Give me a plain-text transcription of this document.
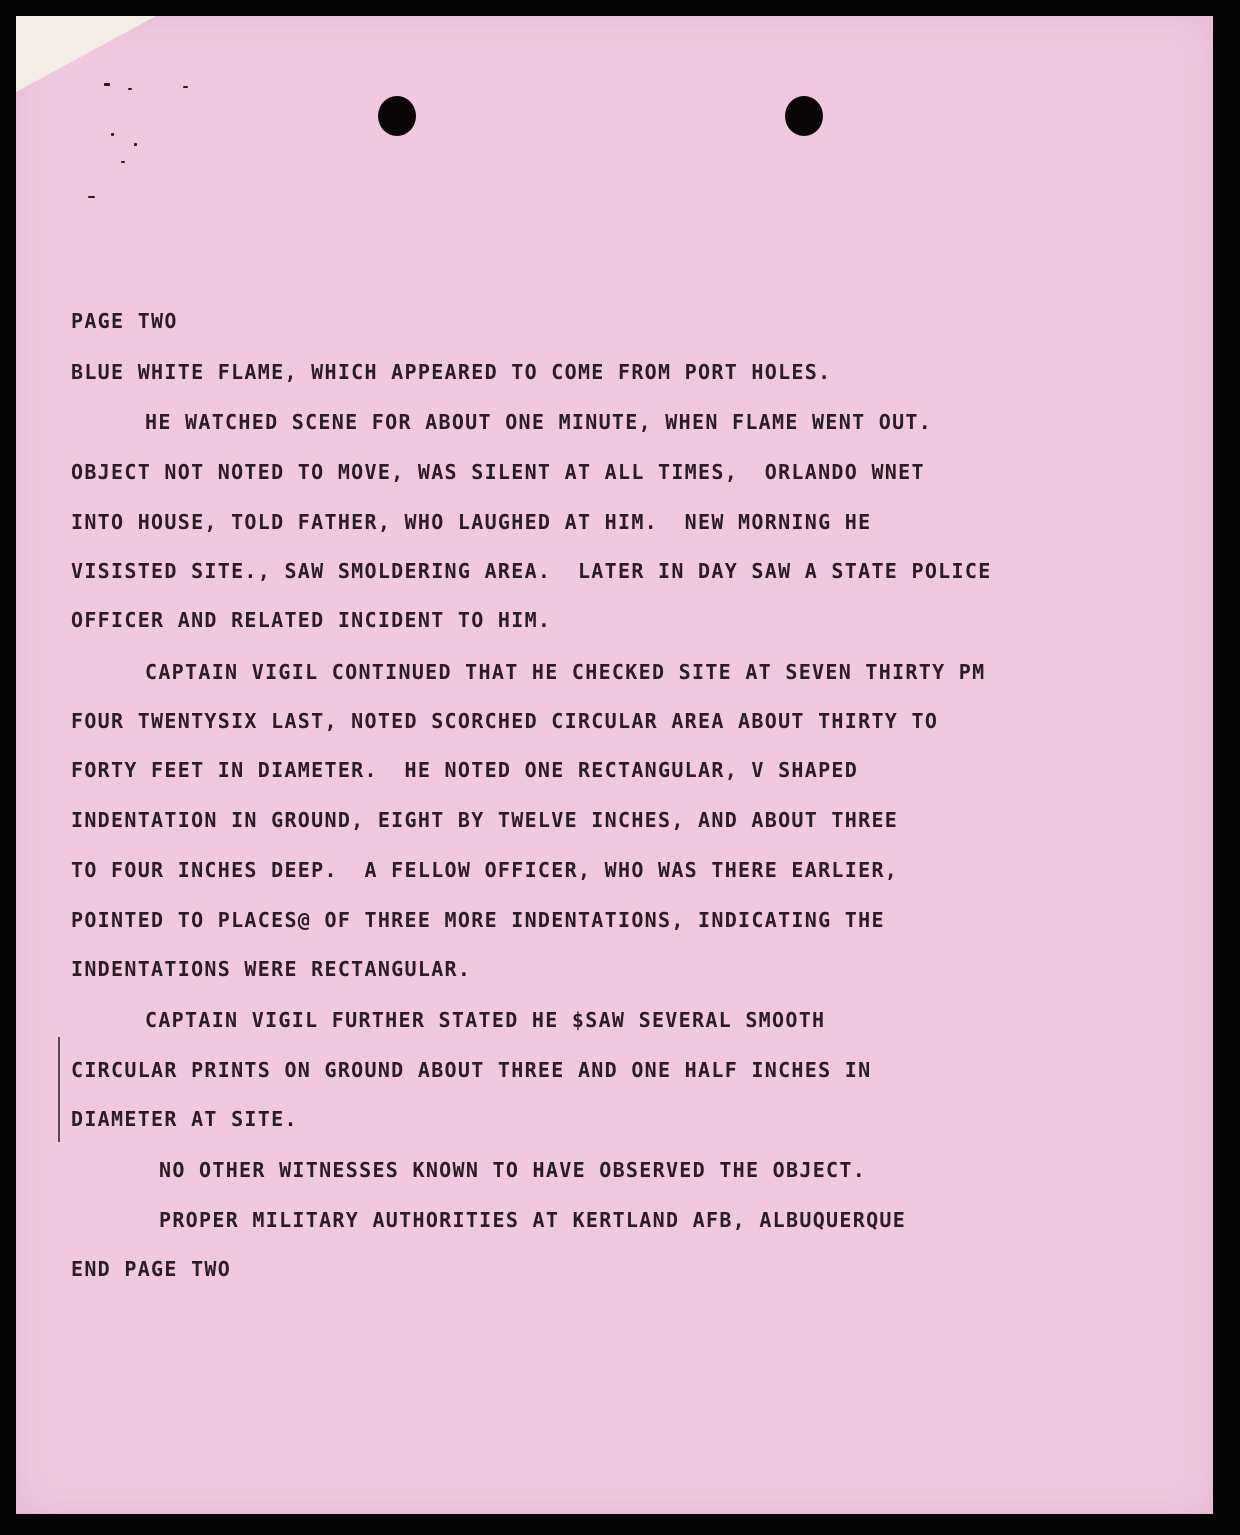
PAGE TWO
BLUE WHITE FLAME, WHICH APPEARED TO COME FROM PORT HOLES.
HE WATCHED SCENE FOR ABOUT ONE MINUTE, WHEN FLAME WENT OUT.
OBJECT NOT NOTED TO MOVE, WAS SILENT AT ALL TIMES,  ORLANDO WNET
INTO HOUSE, TOLD FATHER, WHO LAUGHED AT HIM.  NEW MORNING HE
VISISTED SITE., SAW SMOLDERING AREA.  LATER IN DAY SAW A STATE POLICE
OFFICER AND RELATED INCIDENT TO HIM.
CAPTAIN VIGIL CONTINUED THAT HE CHECKED SITE AT SEVEN THIRTY PM
FOUR TWENTYSIX LAST, NOTED SCORCHED CIRCULAR AREA ABOUT THIRTY TO
FORTY FEET IN DIAMETER.  HE NOTED ONE RECTANGULAR, V SHAPED
INDENTATION IN GROUND, EIGHT BY TWELVE INCHES, AND ABOUT THREE
TO FOUR INCHES DEEP.  A FELLOW OFFICER, WHO WAS THERE EARLIER,
POINTED TO PLACES@ OF THREE MORE INDENTATIONS, INDICATING THE
INDENTATIONS WERE RECTANGULAR.
CAPTAIN VIGIL FURTHER STATED HE $SAW SEVERAL SMOOTH
CIRCULAR PRINTS ON GROUND ABOUT THREE AND ONE HALF INCHES IN
DIAMETER AT SITE.
NO OTHER WITNESSES KNOWN TO HAVE OBSERVED THE OBJECT.
PROPER MILITARY AUTHORITIES AT KERTLAND AFB, ALBUQUERQUE
END PAGE TWO
